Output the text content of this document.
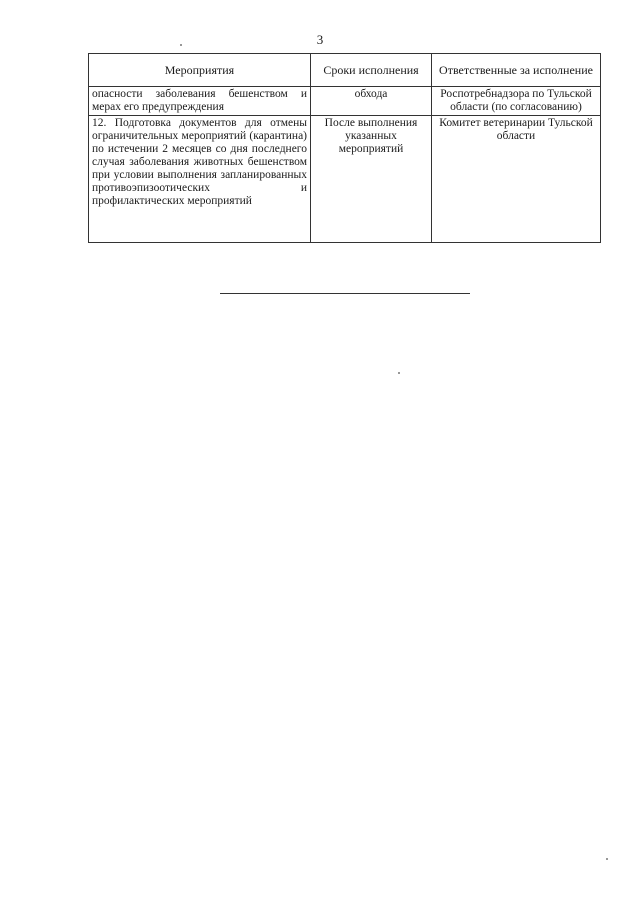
3
Мероприятия	Сроки исполнения	Ответственные за исполнение
опасности заболевания бешенством и мерах его предупреждения	обхода	Роспотребнадзора по Тульской области (по согласованию)
12. Подготовка документов для отмены ограничительных мероприятий (карантина) по истечении 2 месяцев со дня последнего случая заболевания животных бешенством при условии выполнения запланированных противоэпизоотических и профилактических мероприятий	После выполнения указанных мероприятий	Комитет ветеринарии Тульской области
